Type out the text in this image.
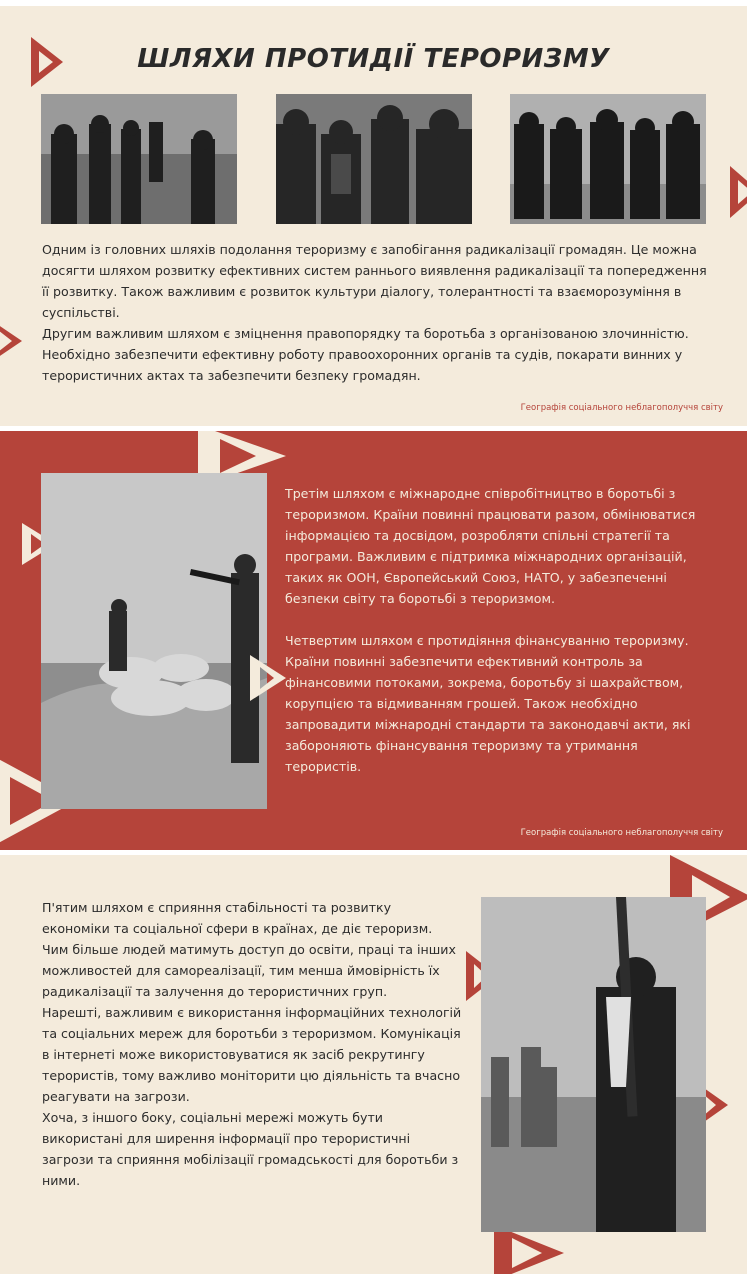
ШЛЯХИ ПРОТИДІЇ ТЕРОРИЗМУ

Одним із головних шляхів подолання тероризму є запобігання радикалізації громадян. Це можна досягти шляхом розвитку ефективних систем раннього виявлення радикалізації та попередження її розвитку. Також важливим є розвиток культури діалогу, толерантності та взаєморозуміння в суспільстві.

Другим важливим шляхом є зміцнення правопорядку та боротьба з організованою злочинністю. Необхідно забезпечити ефективну роботу правоохоронних органів та судів, покарати винних у терористичних актах та забезпечити безпеку громадян.

Географія соціального неблагополуччя світу

Третім шляхом є міжнародне співробітництво в боротьбі з тероризмом. Країни повинні працювати разом, обмінюватися інформацією та досвідом, розробляти спільні стратегії та програми. Важливим є підтримка міжнародних організацій, таких як ООН, Європейський Союз, НАТО, у забезпеченні безпеки світу та боротьбі з тероризмом.

Четвертим шляхом є протидіяння фінансуванню тероризму. Країни повинні забезпечити ефективний контроль за фінансовими потоками, зокрема, боротьбу зі шахрайством, корупцією та відмиванням грошей. Також необхідно запровадити міжнародні стандарти та законодавчі акти, які забороняють фінансування тероризму та утримання терористів.

Географія соціального неблагополуччя світу

П'ятим шляхом є сприяння стабільності та розвитку економіки та соціальної сфери в країнах, де діє тероризм. Чим більше людей матимуть доступ до освіти, праці та інших можливостей для самореалізації, тим менша ймовірність їх радикалізації та залучення до терористичних груп.

Нарешті, важливим є використання інформаційних технологій та соціальних мереж для боротьби з тероризмом. Комунікація в інтернеті може використовуватися як засіб рекрутингу терористів, тому важливо моніторити цю діяльність та вчасно реагувати на загрози.

Хоча, з іншого боку, соціальні мережі можуть бути використані для ширення інформації про терористичні загрози та сприяння мобілізації громадськості для боротьби з ними.
